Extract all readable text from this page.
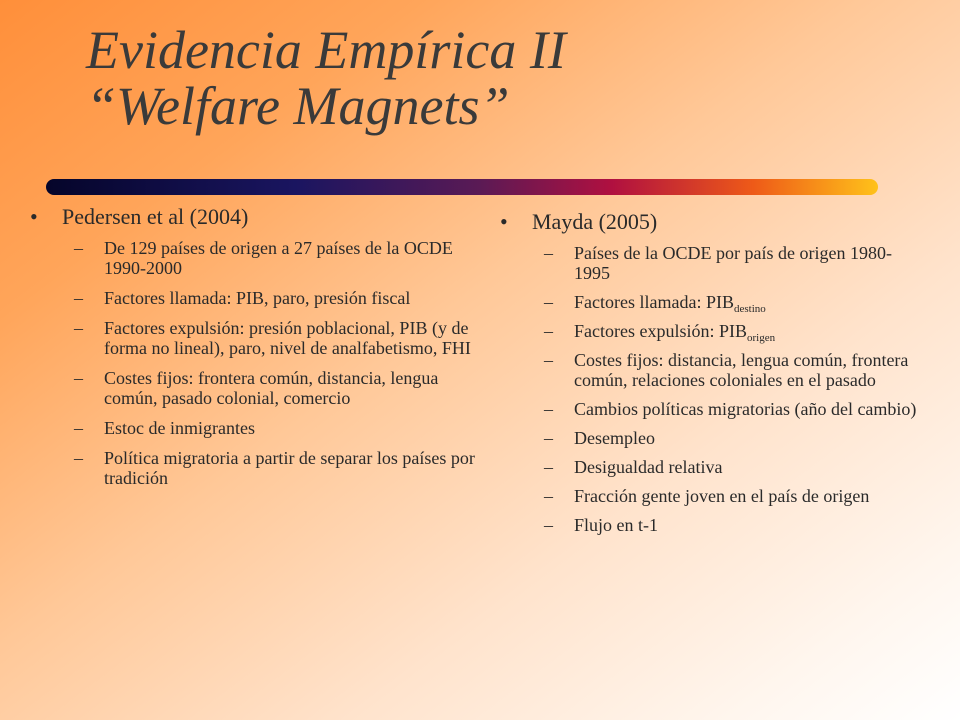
Evidencia Empírica II
“Welfare Magnets”
• Pedersen et al (2004)
– De 129 países de origen a 27 países de la OCDE 1990-2000
– Factores llamada: PIB, paro, presión fiscal
– Factores expulsión: presión poblacional, PIB (y de forma no lineal), paro, nivel de analfabetismo, FHI
– Costes fijos: frontera común, distancia, lengua común, pasado colonial, comercio
– Estoc de inmigrantes
– Política migratoria a partir de separar los países por tradición
• Mayda (2005)
– Países de la OCDE por país de origen 1980-1995
– Factores llamada: $PIB_{destino}$
– Factores expulsión: $PIB_{origen}$
– Costes fijos: distancia, lengua común, frontera común, relaciones coloniales en el pasado
– Cambios políticas migratorias (año del cambio)
– Desempleo
– Desigualdad relativa
– Fracción gente joven en el país de origen
– Flujo en t-1
